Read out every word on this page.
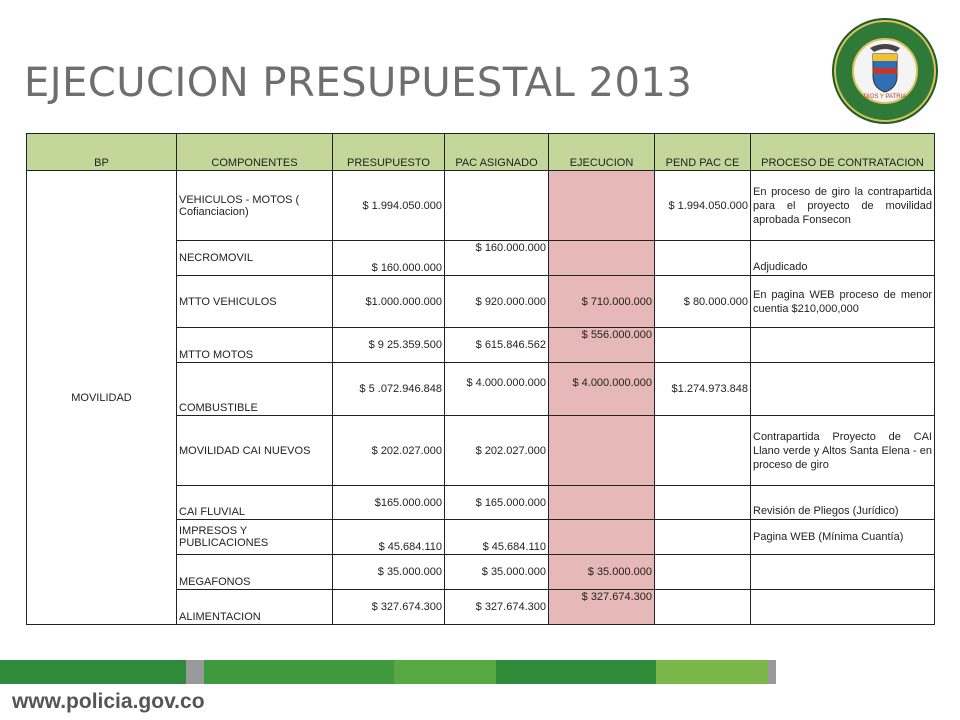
EJECUCION PRESUPUESTAL 2013	DIOS Y PATRIA
BP	COMPONENTES	PRESUPUESTO	PAC ASIGNADO	EJECUCION	PEND PAC CE	PROCESO DE CONTRATACION
MOVILIDAD	VEHICULOS - MOTOS ( Cofianciacion)	$ 1.994.050.000			$ 1.994.050.000	En proceso de giro la contrapartida para el proyecto de movilidad aprobada Fonsecon
	NECROMOVIL	$ 160.000.000	$ 160.000.000			Adjudicado
	MTTO VEHICULOS	$1.000.000.000	$ 920.000.000	$ 710.000.000	$ 80.000.000	En pagina WEB proceso de menor cuentia $210,000,000
	MTTO MOTOS	$ 9 25.359.500	$ 615.846.562	$ 556.000.000		
	COMBUSTIBLE	$ 5 .072.946.848	$ 4.000.000.000	$ 4.000.000.000	$1.274.973.848	
	MOVILIDAD CAI NUEVOS	$ 202.027.000	$ 202.027.000			Contrapartida Proyecto de CAI Llano verde y Altos Santa Elena - en proceso de giro
	CAI FLUVIAL	$165.000.000	$ 165.000.000			Revisión de Pliegos (Jurídico)
	IMPRESOS Y PUBLICACIONES	$ 45.684.110	$ 45.684.110			Pagina WEB (Mínima Cuantía)
	MEGAFONOS	$ 35.000.000	$ 35.000.000	$ 35.000.000		
	ALIMENTACION	$ 327.674.300	$ 327.674.300	$ 327.674.300		
www.policia.gov.co
